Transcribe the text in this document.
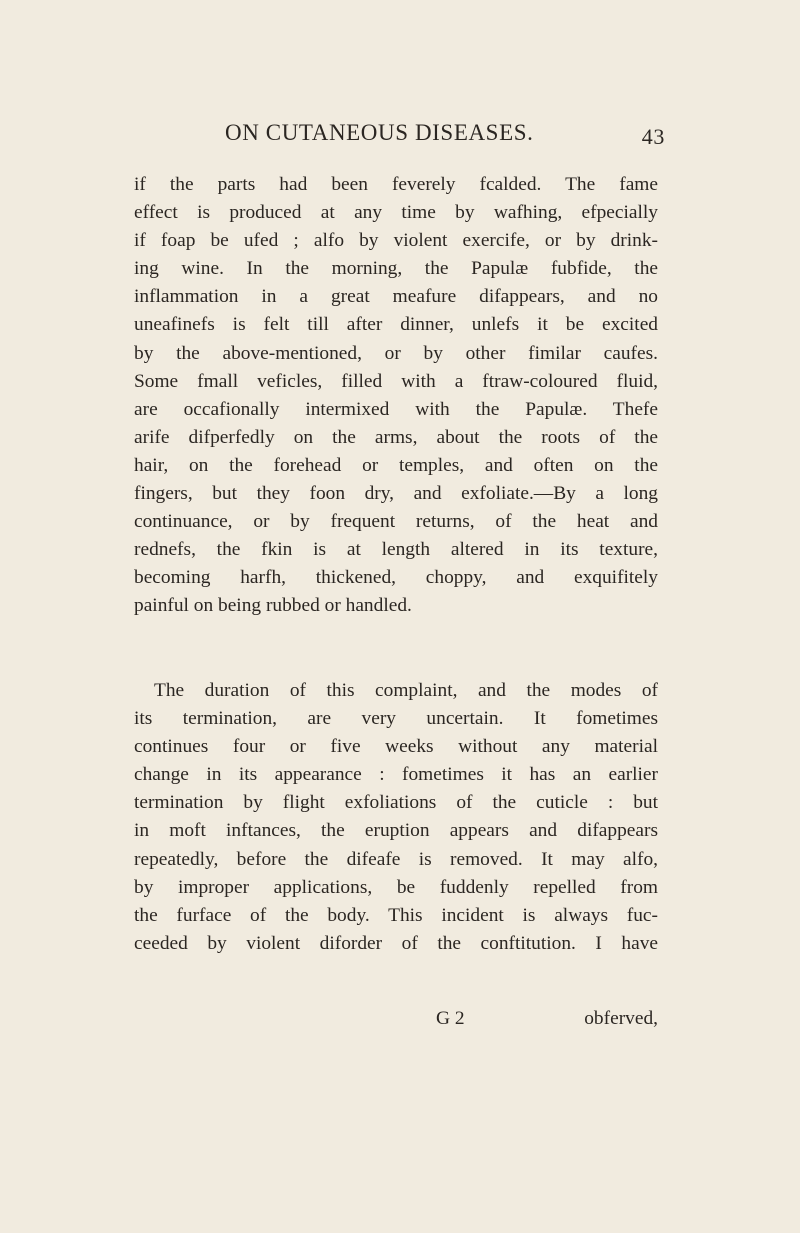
ON CUTANEOUS DISEASES.	43
if the parts had been feverely fcalded. The fame
effect is produced at any time by wafhing, efpecially
if foap be ufed ; alfo by violent exercife, or by drink-
ing wine. In the morning, the Papulæ fubfide, the
inflammation in a great meafure difappears, and no
uneafinefs is felt till after dinner, unlefs it be excited
by the above-mentioned, or by other fimilar caufes.
Some fmall veficles, filled with a ftraw-coloured fluid,
are occafionally intermixed with the Papulæ. Thefe
arife difperfedly on the arms, about the roots of the
hair, on the forehead or temples, and often on the
fingers, but they foon dry, and exfoliate.—By a long
continuance, or by frequent returns, of the heat and
rednefs, the fkin is at length altered in its texture,
becoming harfh, thickened, choppy, and exquifitely
painful on being rubbed or handled.
The duration of this complaint, and the modes of
its termination, are very uncertain. It fometimes
continues four or five weeks without any material
change in its appearance : fometimes it has an earlier
termination by flight exfoliations of the cuticle : but
in moft inftances, the eruption appears and difappears
repeatedly, before the difeafe is removed. It may alfo,
by improper applications, be fuddenly repelled from
the furface of the body. This incident is always fuc-
ceeded by violent diforder of the conftitution. I have
G 2	obferved,
